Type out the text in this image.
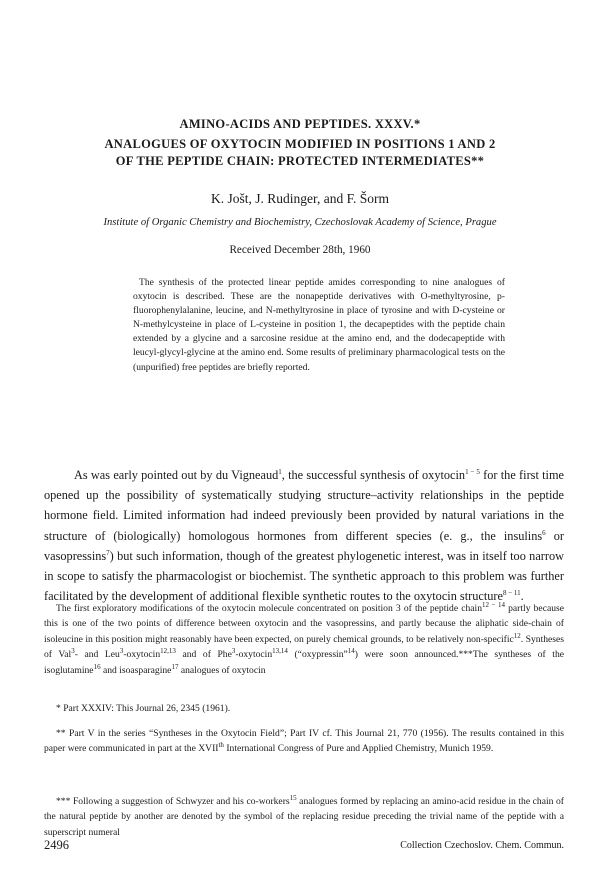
AMINO-ACIDS AND PEPTIDES. XXXV.*
ANALOGUES OF OXYTOCIN MODIFIED IN POSITIONS 1 AND 2
OF THE PEPTIDE CHAIN: PROTECTED INTERMEDIATES**
K. Jošt, J. Rudinger, and F. Šorm
Institute of Organic Chemistry and Biochemistry, Czechoslovak Academy of Science, Prague
Received December 28th, 1960
The synthesis of the protected linear peptide amides corresponding to nine analogues of oxytocin is described. These are the nonapeptide derivatives with O-methyltyrosine, p-fluorophenylalanine, leucine, and N-methyltyrosine in place of tyrosine and with D-cysteine or N-methylcysteine in place of L-cysteine in position 1, the decapeptides with the peptide chain extended by a glycine and a sarcosine residue at the amino end, and the dodecapeptide with leucyl-glycyl-glycine at the amino end. Some results of preliminary pharmacological tests on the (unpurified) free peptides are briefly reported.
As was early pointed out by du Vigneaud$^1$, the successful synthesis of oxytocin$^{1 - 5}$ for the first time opened up the possibility of systematically studying structure–activity relationships in the peptide hormone field. Limited information had indeed previously been provided by natural variations in the structure of (biologically) homologous hormones from different species (e. g., the insulins$^6$ or vasopressins$^7$) but such information, though of the greatest phylogenetic interest, was in itself too narrow in scope to satisfy the pharmacologist or biochemist. The synthetic approach to this problem was further facilitated by the development of additional flexible synthetic routes to the oxytocin structure$^{8 - 11}$.
The first exploratory modifications of the oxytocin molecule concentrated on position 3 of the peptide chain$^{12 - 14}$ partly because this is one of the two points of difference between oxytocin and the vasopressins, and partly because the aliphatic side-chain of isoleucine in this position might reasonably have been expected, on purely chemical grounds, to be relatively non-specific$^{12}$. Syntheses of Val$^3$- and Leu$^3$-oxytocin$^{12,13}$ and of Phe$^3$-oxytocin$^{13,14}$ (“oxypressin”$^{14}$) were soon announced.***The syntheses of the isoglutamine$^{16}$ and isoasparagine$^{17}$ analogues of oxytocin
* Part XXXIV: This Journal 26, 2345 (1961).
** Part V in the series “Syntheses in the Oxytocin Field”; Part IV cf. This Journal 21, 770 (1956). The results contained in this paper were communicated in part at the XVIIth International Congress of Pure and Applied Chemistry, Munich 1959.
*** Following a suggestion of Schwyzer and his co-workers$^{15}$ analogues formed by replacing an amino-acid residue in the chain of the natural peptide by another are denoted by the symbol of the replacing residue preceding the trivial name of the peptide with a superscript numeral
2496	Collection Czechoslov. Chem. Commun.
